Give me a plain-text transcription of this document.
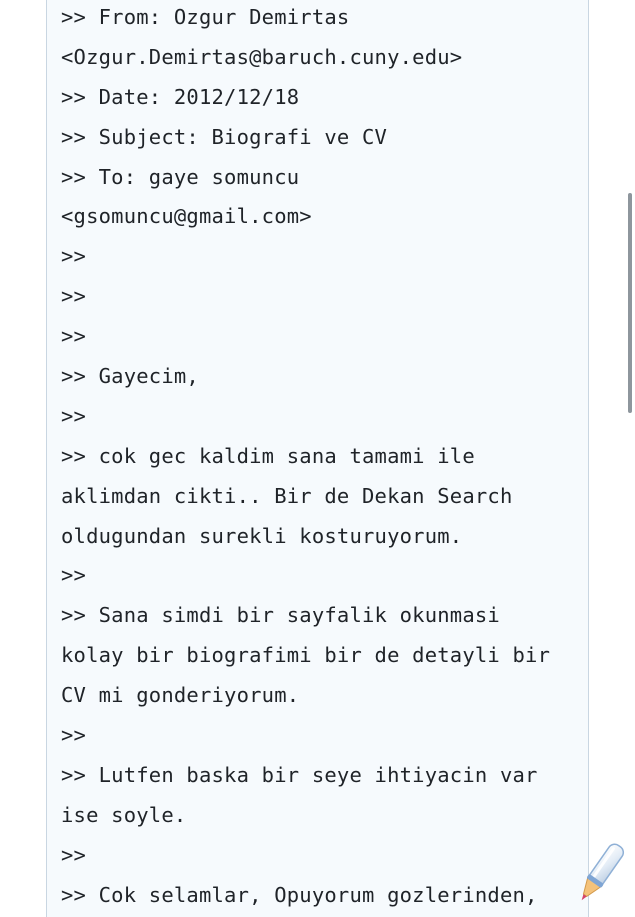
>> From: Ozgur Demirtas
<Ozgur.Demirtas@baruch.cuny.edu>
>> Date: 2012/12/18
>> Subject: Biografi ve CV
>> To: gaye somuncu
<gsomuncu@gmail.com>
>>
>>
>>
>> Gayecim,
>>
>> cok gec kaldim sana tamami ile
aklimdan cikti.. Bir de Dekan Search
oldugundan surekli kosturuyorum.
>>
>> Sana simdi bir sayfalik okunmasi
kolay bir biografimi bir de detayli bir
CV mi gonderiyorum.
>>
>> Lutfen baska bir seye ihtiyacin var
ise soyle.
>>
>> Cok selamlar, Opuyorum gozlerinden,
